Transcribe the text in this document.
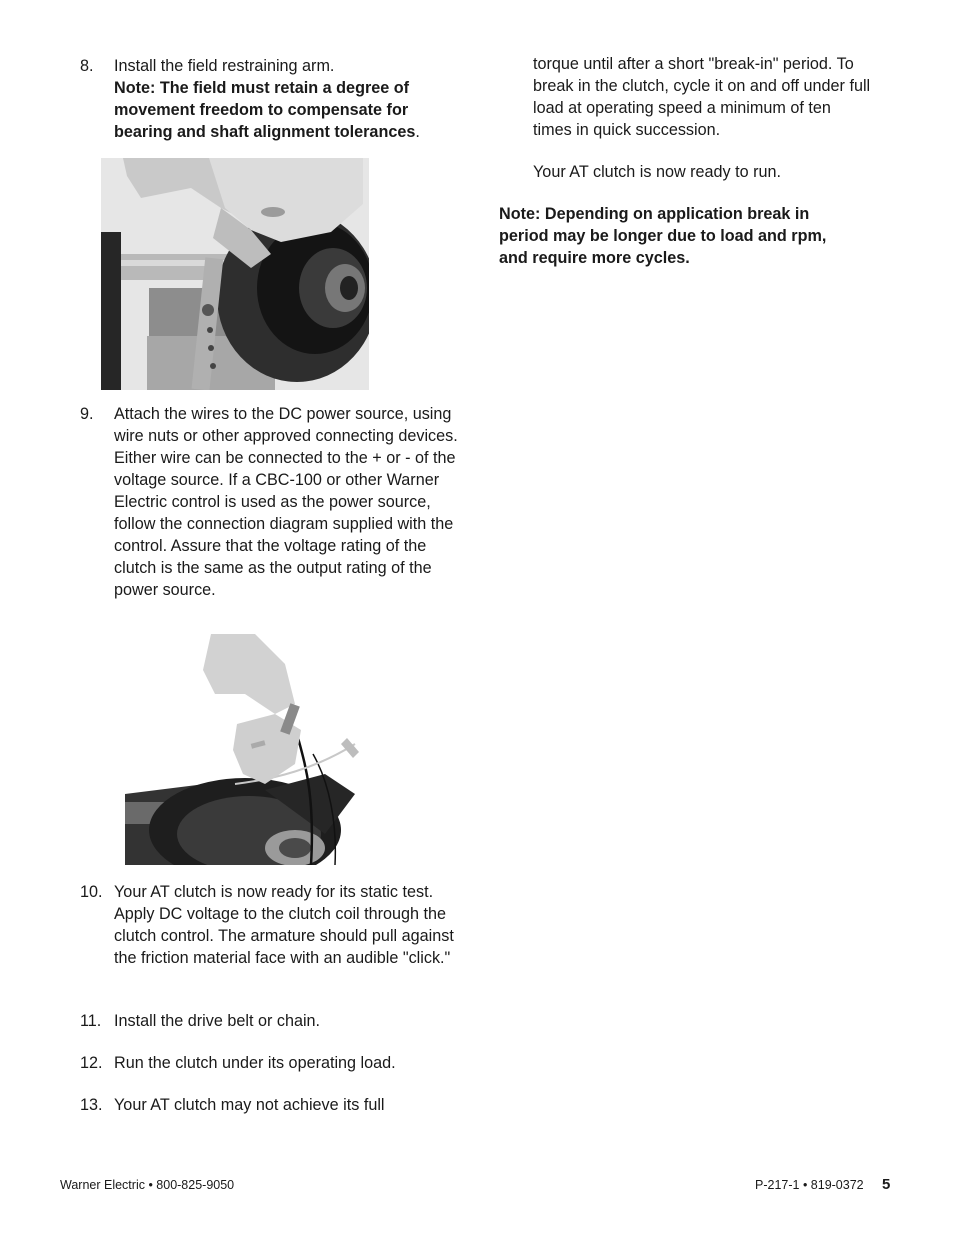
8.	Install the field restraining arm.

Note: The field must retain a degree of movement freedom to compensate for bearing and shaft alignment tolerances.

9.	Attach the wires to the DC power source, using wire nuts or other approved connecting devices. Either wire can be connected to the + or - of the voltage source. If a CBC-100 or other Warner Electric control is used as the power source, follow the connection diagram supplied with the control. Assure that the voltage rating of the clutch is the same as the output rating of the power source.

10. Your AT clutch is now ready for its static test. Apply DC voltage to the clutch coil through the clutch control. The armature should pull against the friction material face with an audible "click."

11. Install the drive belt or chain.

12. Run the clutch under its operating load.

13. Your AT clutch may not achieve its full

torque until after a short "break-in" period. To break in the clutch, cycle it on and off under full load at operating speed a minimum of ten times in quick succession.
Your AT clutch is now ready to run.
Note: Depending on application break in period may be longer due to load and rpm, and require more cycles.
Warner Electric • 800-825-9050	P-217-1 • 819-0372 5
